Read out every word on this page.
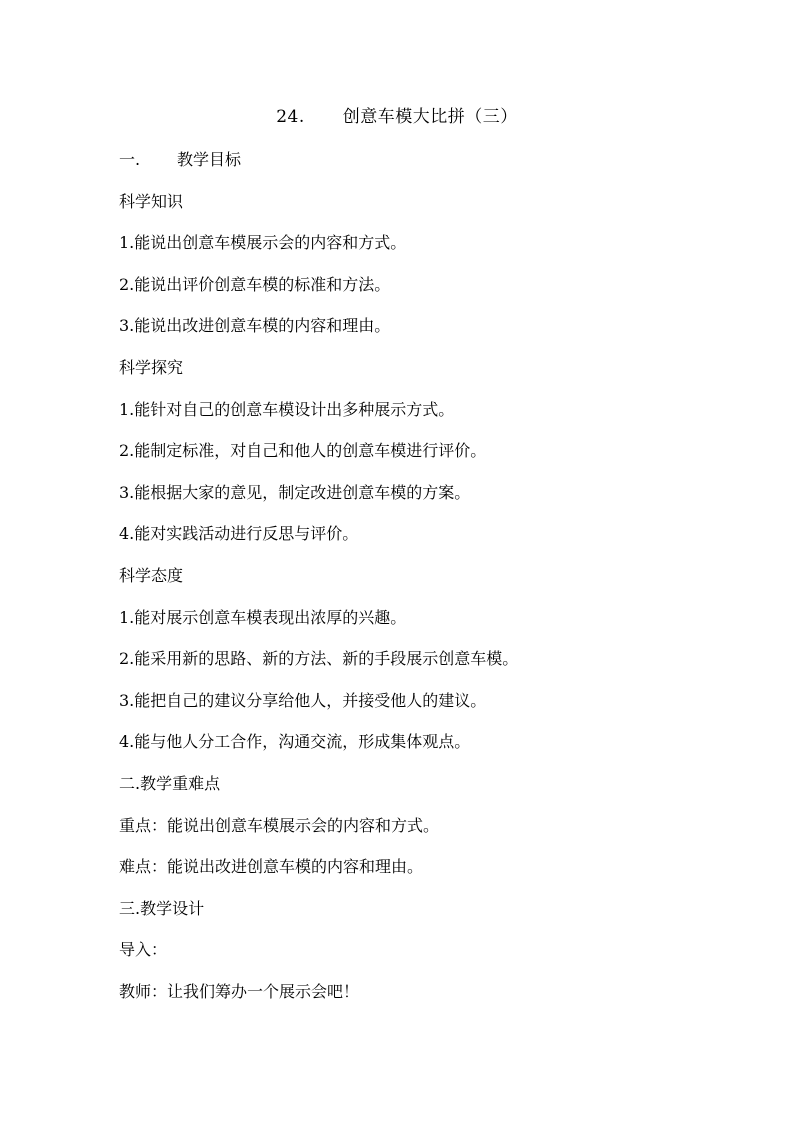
24. 创意车模大比拼（三）
一. 教学目标
科学知识
1.能说出创意车模展示会的内容和方式。
2.能说出评价创意车模的标准和方法。
3.能说出改进创意车模的内容和理由。
科学探究
1.能针对自己的创意车模设计出多种展示方式。
2.能制定标准，对自己和他人的创意车模进行评价。
3.能根据大家的意见，制定改进创意车模的方案。
4.能对实践活动进行反思与评价。
科学态度
1.能对展示创意车模表现出浓厚的兴趣。
2.能采用新的思路、新的方法、新的手段展示创意车模。
3.能把自己的建议分享给他人，并接受他人的建议。
4.能与他人分工合作，沟通交流，形成集体观点。
二.教学重难点
重点：能说出创意车模展示会的内容和方式。
难点：能说出改进创意车模的内容和理由。
三.教学设计
导入：
教师：让我们筹办一个展示会吧！
